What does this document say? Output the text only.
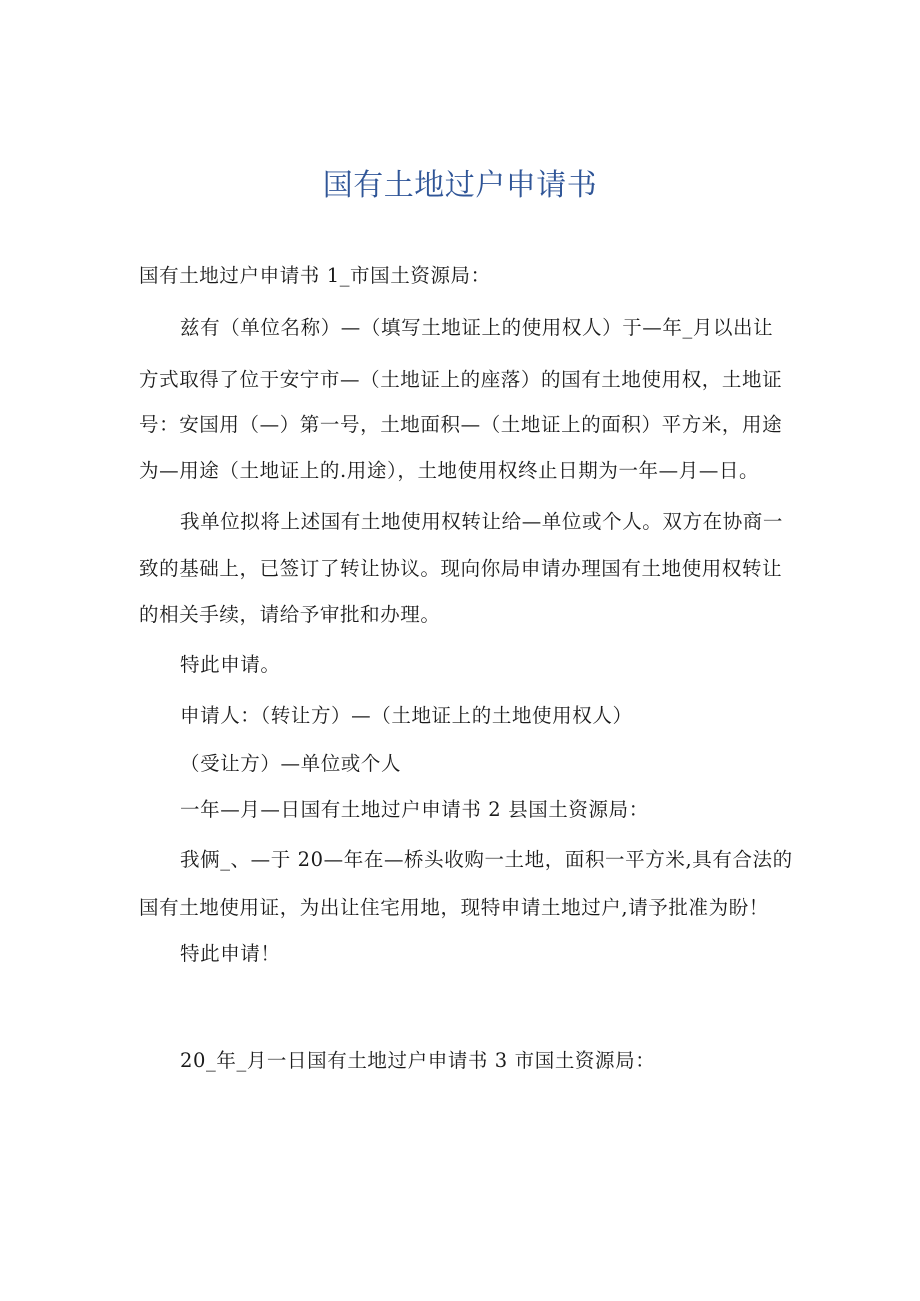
国有土地过户申请书
国有土地过户申请书 1_市国土资源局：
兹有（单位名称）—（填写土地证上的使用权人）于—年_月以出让
方式取得了位于安宁市—（土地证上的座落）的国有土地使用权，土地证
号：安国用（—）第一号，土地面积—（土地证上的面积）平方米，用途
为—用途（土地证上的.用途），土地使用权终止日期为一年—月—日。
我单位拟将上述国有土地使用权转让给—单位或个人。双方在协商一
致的基础上，已签订了转让协议。现向你局申请办理国有土地使用权转让
的相关手续，请给予审批和办理。
特此申请。
申请人：（转让方）—（土地证上的土地使用权人）
（受让方）—单位或个人
一年—月—日国有土地过户申请书 2 县国土资源局：
我俩_、—于 20—年在—桥头收购一土地，面积一平方米,具有合法的
国有土地使用证，为出让住宅用地，现特申请土地过户,请予批准为盼！
特此申请！
20_年_月一日国有土地过户申请书 3 市国土资源局：
